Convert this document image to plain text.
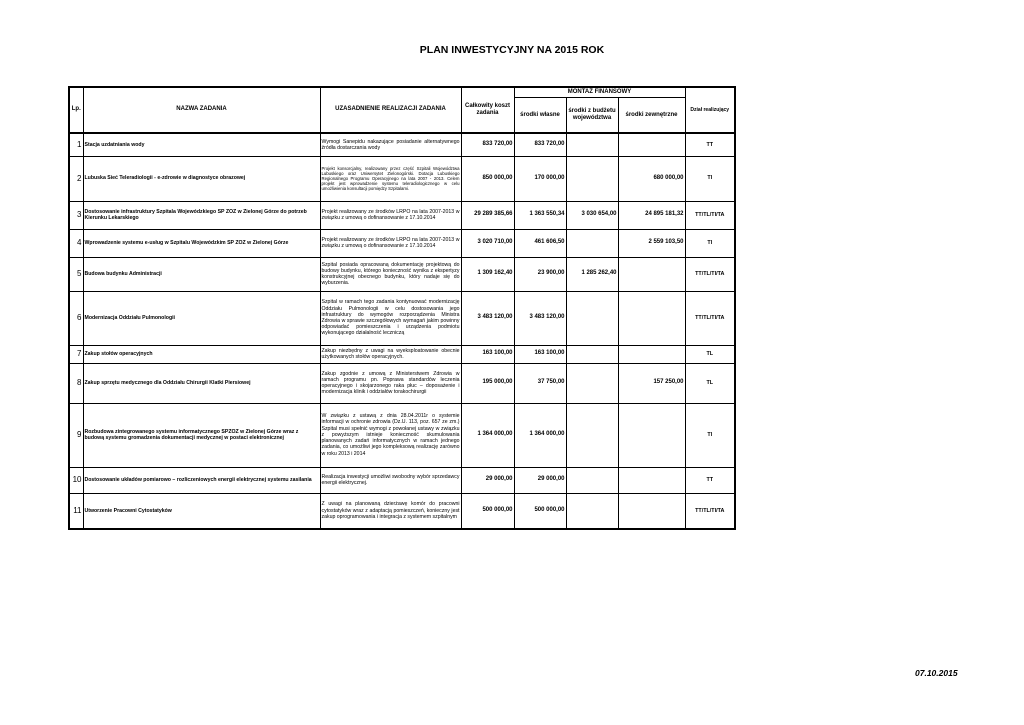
PLAN INWESTYCYJNY NA 2015 ROK
Lp.	NAZWA ZADANIA	UZASADNIENIE REALIZACJI ZADANIA	Całkowity koszt zadania	MONTAŻ FINANSOWY			Dział realizujący
				środki własne	środki z budżetu województwa	środki zewnętrzne	
1	Stacja uzdatniania wody	Wymogi Sanepidu nakazujące posiadanie alternatywnego źródła dostarczania wody	833 720,00	833 720,00			TT
2	Lubuska Sieć Teleradiologii - e-zdrowie w diagnostyce obrazowej	Projekt konsorcjalny, realizowany przez część Szpitali Województwa Lubuskiego oraz Uniwersytet Zielonogórski. Dotacja Lubuskiego Regionalnego Programu Operacyjnego na lata 2007 - 2013. Celem projekt jest wprowadzenie systemu teleradiologicznego w celu umożliwienia konsultacji pomiędzy Szpitalami.	850 000,00	170 000,00		680 000,00	TI
3	Dostosowanie infrastruktury Szpitala Wojewódzkiego SP ZOZ w Zielonej Górze do potrzeb Kierunku Lekarskiego	Projekt realizowany ze środków LRPO na lata 2007-2013 w związku z umową o dofinansowanie z 17.10.2014	29 289 385,66	1 363 550,34	3 030 654,00	24 895 181,32	TT/TL/TI/TA
4	Wprowadzenie systemu e-usług w Szpitalu Wojewódzkim SP ZOZ w Zielonej Górze	Projekt realizowany ze środków LRPO na lata 2007-2013 w związku z umową o dofinansowanie z 17.10.2014	3 020 710,00	461 606,50		2 559 103,50	TI
5	Budowa budynku Administracji	Szpital posiada opracowaną dokumentację projektową do budowy budynku, którego konieczność wynika z ekspertyzy konstrukcyjnej obecnego budynku, który nadaje się do wyburzenia.	1 309 162,40	23 900,00	1 285 262,40		TT/TL/TI/TA
6	Modernizacja Oddziału Pulmonologii	Szpital w ramach tego zadania kontynuować modernizację Oddziału Pulmonologii w celu dostosowania jego infrastruktury do wymogów rozporządzenia Ministra Zdrowia w sprawie szczegółowych wymagań jakim powinny odpowiadać pomieszczenia i urządzenia podmiotu wykonującego działalność leczniczą	3 483 120,00	3 483 120,00			TT/TL/TI/TA
7	Zakup stołów operacyjnych	Zakup niezbędny z uwagi na wyeksploatowanie obecnie użytkowanych stołów operacyjnych.	163 100,00	163 100,00			TL
8	Zakup sprzętu medycznego dla Oddziału Chirurgii Klatki Piersiowej	Zakup zgodnie z umową z Ministerstwem Zdrowia w ramach programu pn. Poprawa standardów leczenia operacyjnego i skojarzonego raka płuc – doposażenie i modernizacja klinik i oddziałów torakochirurgii	195 000,00	37 750,00		157 250,00	TL
9	Rozbudowa zintegrowanego systemu informatycznego SPZOZ w Zielonej Górze wraz z budową systemu gromadzenia dokumentacji medycznej w postaci elektronicznej	W związku z ustawą z dnia 28.04.2011r o systemie informacji w ochronie zdrowia (Dz.U. 113, poz. 657 ze zm.) Szpital musi spełnić wymogi z powołanej ustawy w związku z powyższym istnieje konieczność skumulowania planowanych zadań informatycznych w ramach jednego zadania, co umożliwi jego kompleksową realizację zarówno w roku 2013 i 2014	1 364 000,00	1 364 000,00			TI
10	Dostosowanie układów pomiarowo – rozliczeniowych energii elektrycznej systemu zasilania	Realizacja inwestycji umożliwi swobodny wybór sprzedawcy energii elektrycznej.	29 000,00	29 000,00			TT
11	Utworzenie Pracowni Cytostatyków	Z uwagi na planowaną dzierżawę komór do pracowni cytostatyków wraz z adaptacją pomieszczeń, konieczny jest zakup oprogramowania i integracja z systemem szpitalnym	500 000,00	500 000,00			TT/TL/TI/TA
07.10.2015
